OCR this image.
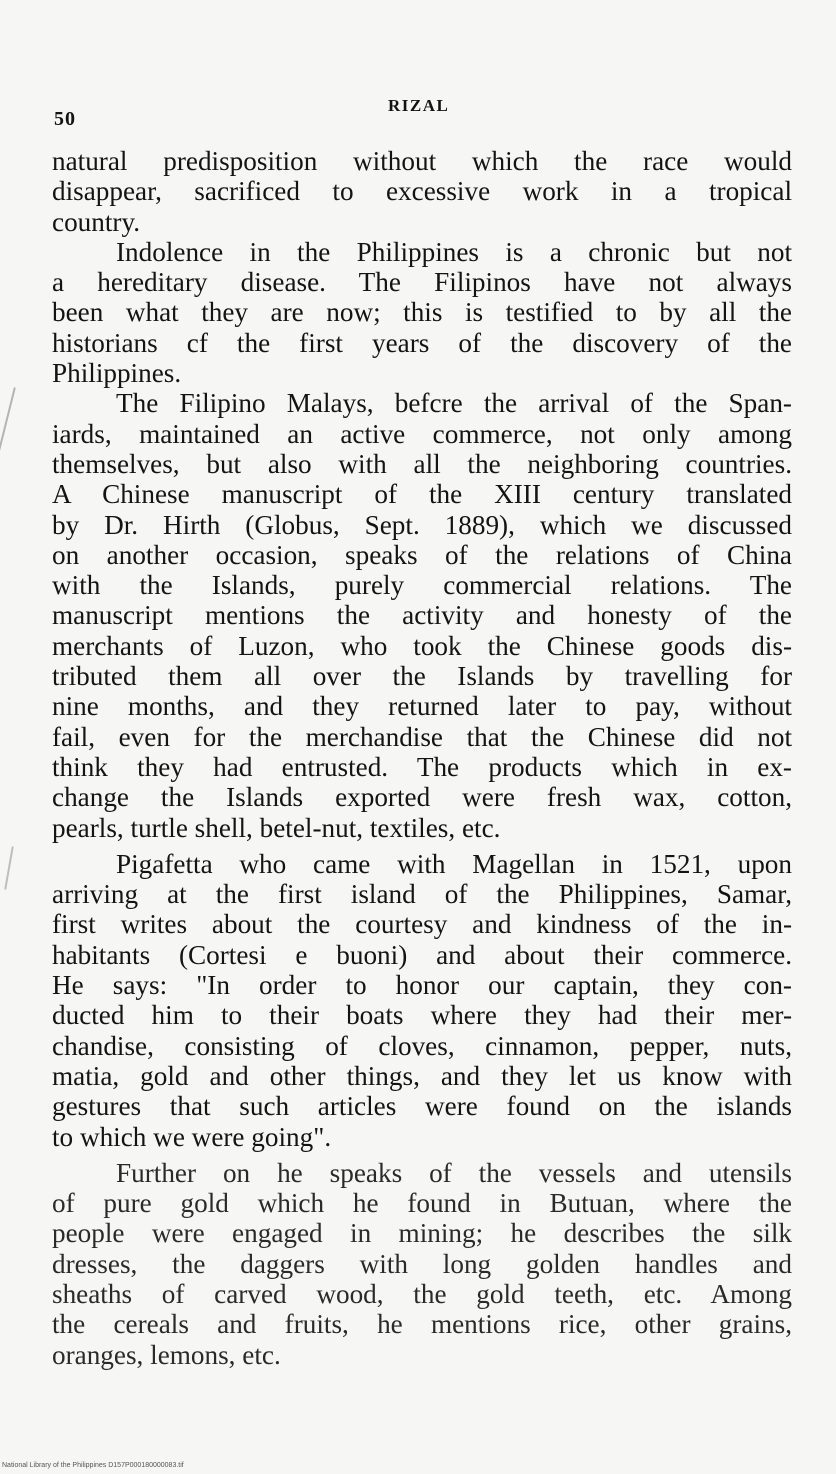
50
RIZAL

natural predisposition without which the race would
disappear, sacrificed to excessive work in a tropical
country.

Indolence in the Philippines is a chronic but not
a hereditary disease. The Filipinos have not always
been what they are now; this is testified to by all the
historians cf the first years of the discovery of the
Philippines.

The Filipino Malays, befcre the arrival of the Span-
iards, maintained an active commerce, not only among
themselves, but also with all the neighboring countries.
A Chinese manuscript of the XIII century translated
by Dr. Hirth (Globus, Sept. 1889), which we discussed
on another occasion, speaks of the relations of China
with the Islands, purely commercial relations. The
manuscript mentions the activity and honesty of the
merchants of Luzon, who took the Chinese goods dis-
tributed them all over the Islands by travelling for
nine months, and they returned later to pay, without
fail, even for the merchandise that the Chinese did not
think they had entrusted. The products which in ex-
change the Islands exported were fresh wax, cotton,
pearls, turtle shell, betel-nut, textiles, etc.

Pigafetta who came with Magellan in 1521, upon
arriving at the first island of the Philippines, Samar,
first writes about the courtesy and kindness of the in-
habitants (Cortesi e buoni) and about their commerce.
He says: "In order to honor our captain, they con-
ducted him to their boats where they had their mer-
chandise, consisting of cloves, cinnamon, pepper, nuts,
matia, gold and other things, and they let us know with
gestures that such articles were found on the islands
to which we were going".

Further on he speaks of the vessels and utensils
of pure gold which he found in Butuan, where the
people were engaged in mining; he describes the silk
dresses, the daggers with long golden handles and
sheaths of carved wood, the gold teeth, etc. Among
the cereals and fruits, he mentions rice, other grains,
oranges, lemons, etc.

National Library of the Philippines D157P000180000083.tif
